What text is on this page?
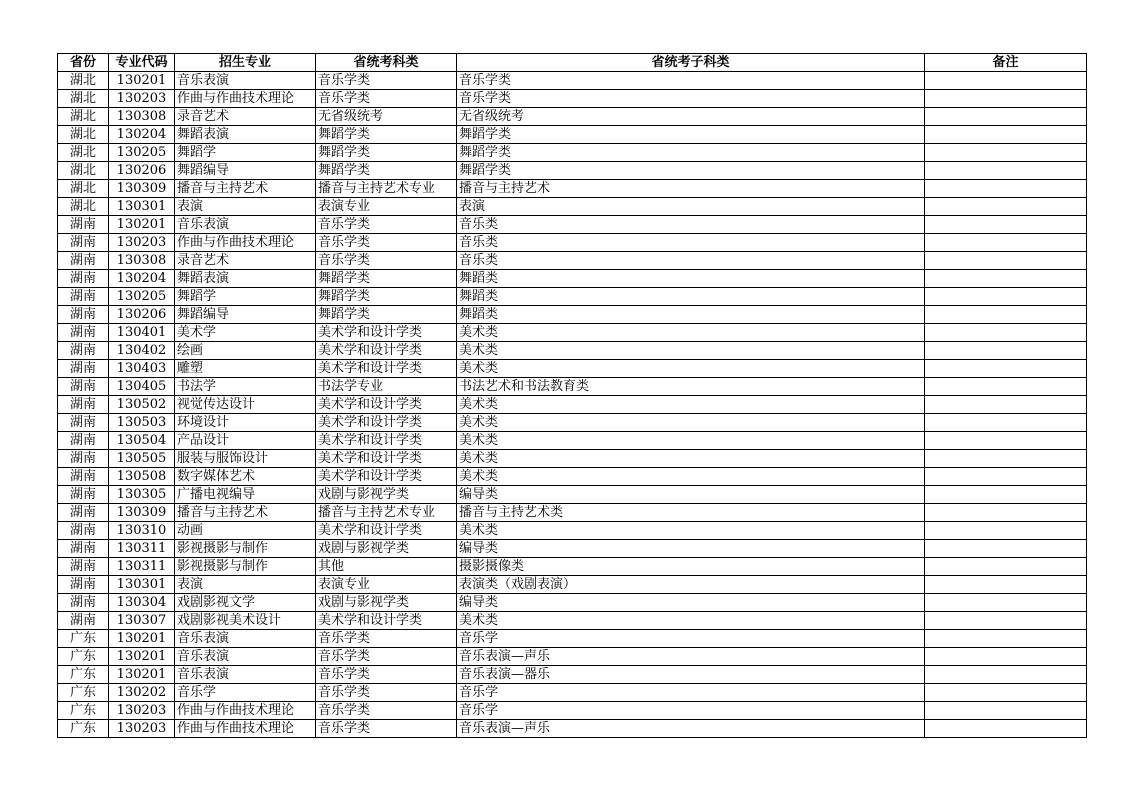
省份	专业代码	招生专业	省统考科类	省统考子科类	备注
湖北	130201	音乐表演	音乐学类	音乐学类	
湖北	130203	作曲与作曲技术理论	音乐学类	音乐学类	
湖北	130308	录音艺术	无省级统考	无省级统考	
湖北	130204	舞蹈表演	舞蹈学类	舞蹈学类	
湖北	130205	舞蹈学	舞蹈学类	舞蹈学类	
湖北	130206	舞蹈编导	舞蹈学类	舞蹈学类	
湖北	130309	播音与主持艺术	播音与主持艺术专业	播音与主持艺术	
湖北	130301	表演	表演专业	表演	
湖南	130201	音乐表演	音乐学类	音乐类	
湖南	130203	作曲与作曲技术理论	音乐学类	音乐类	
湖南	130308	录音艺术	音乐学类	音乐类	
湖南	130204	舞蹈表演	舞蹈学类	舞蹈类	
湖南	130205	舞蹈学	舞蹈学类	舞蹈类	
湖南	130206	舞蹈编导	舞蹈学类	舞蹈类	
湖南	130401	美术学	美术学和设计学类	美术类	
湖南	130402	绘画	美术学和设计学类	美术类	
湖南	130403	雕塑	美术学和设计学类	美术类	
湖南	130405	书法学	书法学专业	书法艺术和书法教育类	
湖南	130502	视觉传达设计	美术学和设计学类	美术类	
湖南	130503	环境设计	美术学和设计学类	美术类	
湖南	130504	产品设计	美术学和设计学类	美术类	
湖南	130505	服装与服饰设计	美术学和设计学类	美术类	
湖南	130508	数字媒体艺术	美术学和设计学类	美术类	
湖南	130305	广播电视编导	戏剧与影视学类	编导类	
湖南	130309	播音与主持艺术	播音与主持艺术专业	播音与主持艺术类	
湖南	130310	动画	美术学和设计学类	美术类	
湖南	130311	影视摄影与制作	戏剧与影视学类	编导类	
湖南	130311	影视摄影与制作	其他	摄影摄像类	
湖南	130301	表演	表演专业	表演类（戏剧表演）	
湖南	130304	戏剧影视文学	戏剧与影视学类	编导类	
湖南	130307	戏剧影视美术设计	美术学和设计学类	美术类	
广东	130201	音乐表演	音乐学类	音乐学	
广东	130201	音乐表演	音乐学类	音乐表演—声乐	
广东	130201	音乐表演	音乐学类	音乐表演—器乐	
广东	130202	音乐学	音乐学类	音乐学	
广东	130203	作曲与作曲技术理论	音乐学类	音乐学	
广东	130203	作曲与作曲技术理论	音乐学类	音乐表演—声乐	
